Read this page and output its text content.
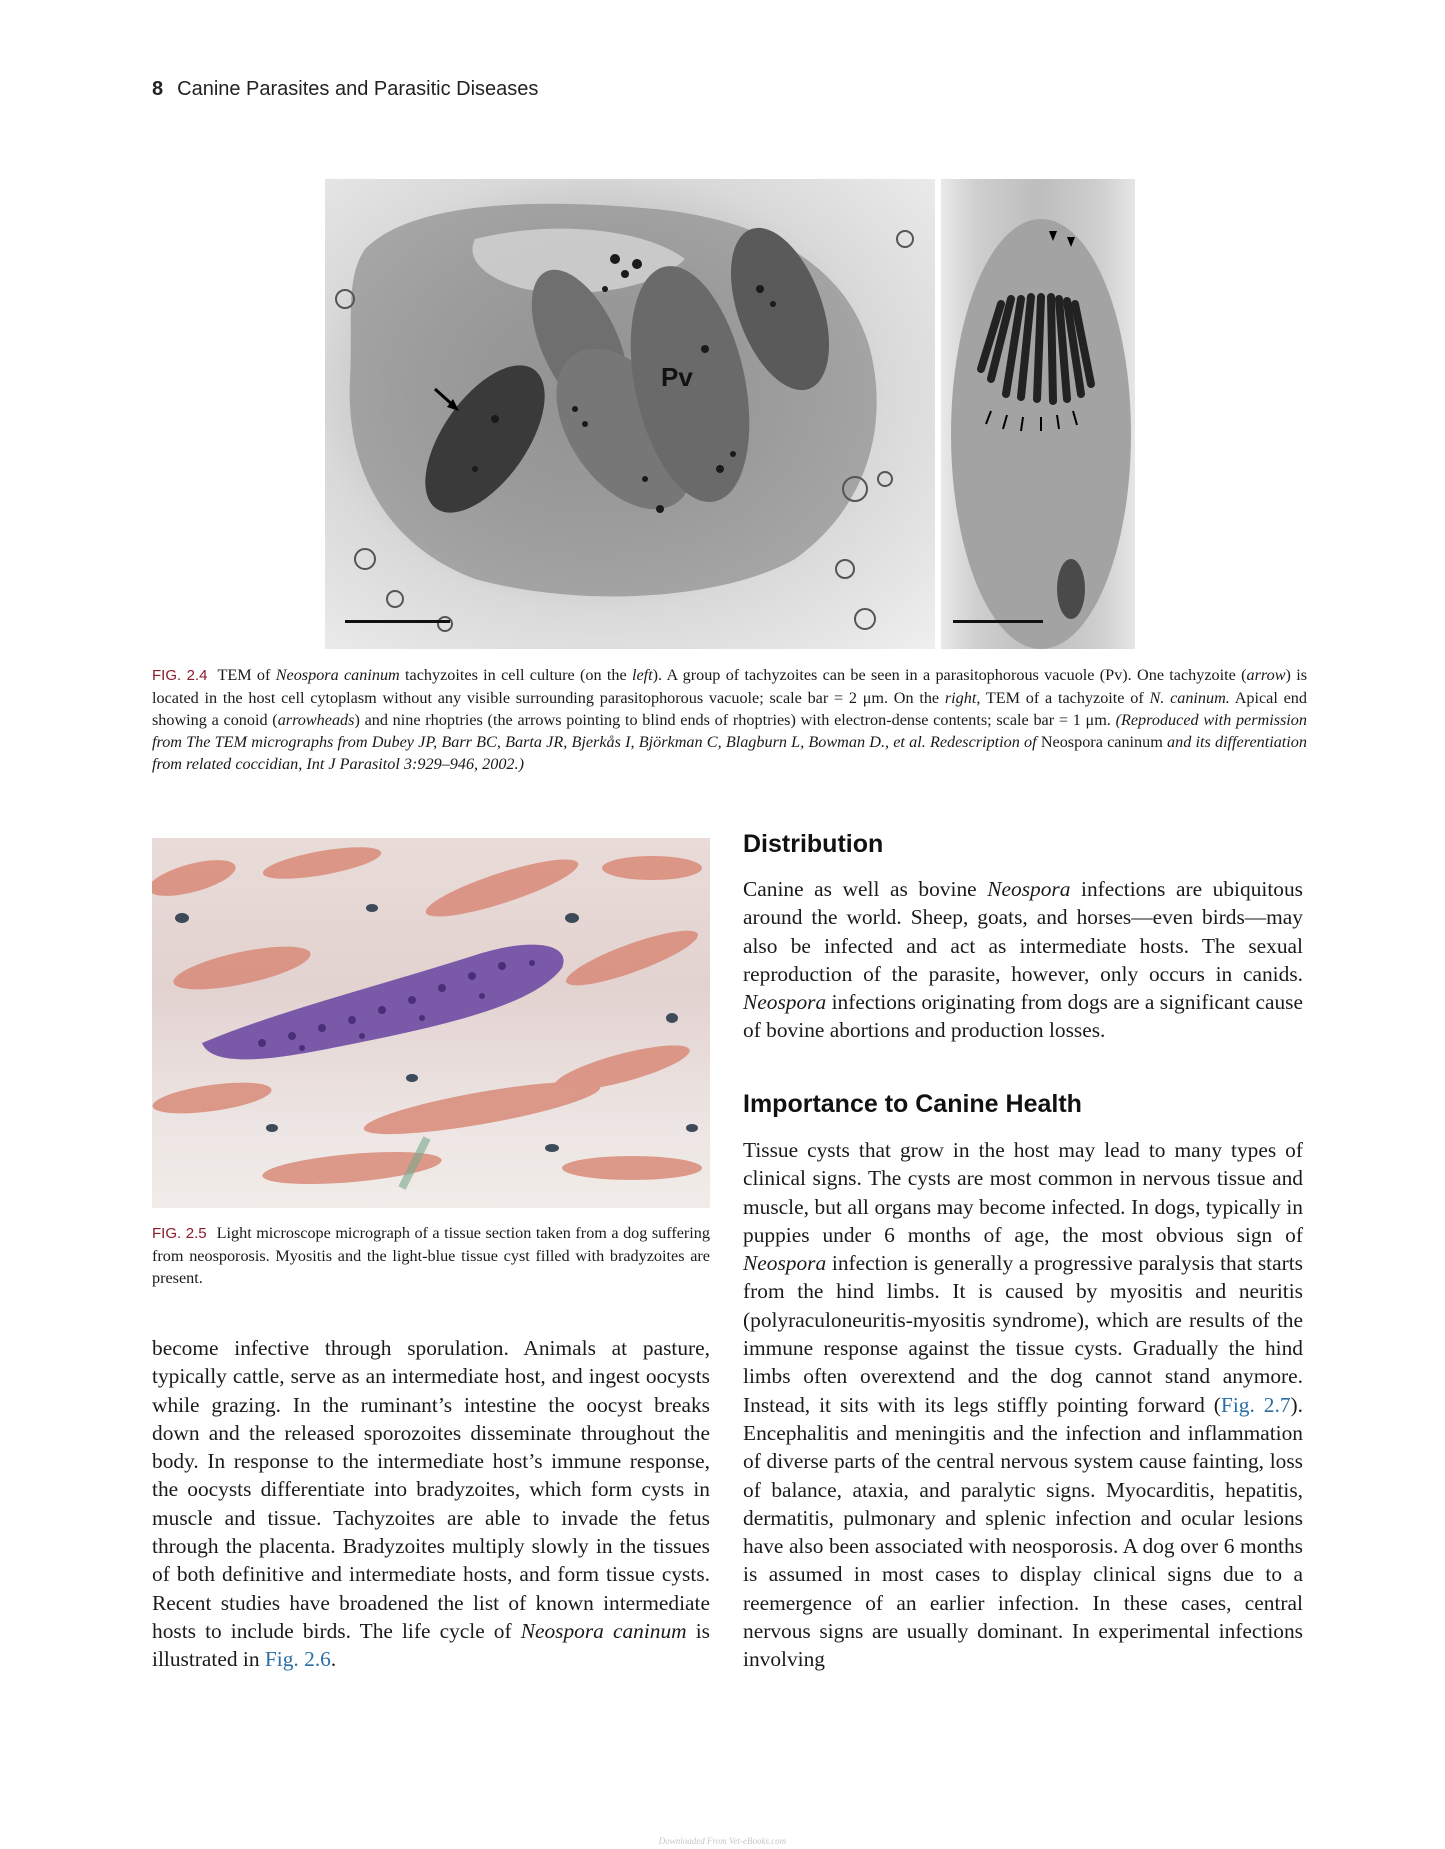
8 Canine Parasites and Parasitic Diseases
Pv
FIG. 2.4 TEM of Neospora caninum tachyzoites in cell culture (on the left). A group of tachyzoites can be seen in a parasitophorous vacuole (Pv). One tachyzoite (arrow) is located in the host cell cytoplasm without any visible surrounding parasitophorous vacuole; scale bar = 2 μm. On the right, TEM of a tachyzoite of N. caninum. Apical end showing a conoid (arrowheads) and nine rhoptries (the arrows pointing to blind ends of rhoptries) with electron-dense contents; scale bar = 1 μm. (Reproduced with permission from The TEM micrographs from Dubey JP, Barr BC, Barta JR, Bjerkås I, Björkman C, Blagburn L, Bowman D., et al. Redescription of Neospora caninum and its differentiation from related coccidian, Int J Parasitol 3:929–946, 2002.)
FIG. 2.5 Light microscope micrograph of a tissue section taken from a dog suffering from neosporosis. Myositis and the light-blue tissue cyst filled with bradyzoites are present.
Distribution
Canine as well as bovine Neospora infections are ubiquitous around the world. Sheep, goats, and horses—even birds—may also be infected and act as intermediate hosts. The sexual reproduction of the parasite, however, only occurs in canids. Neospora infections originating from dogs are a significant cause of bovine abortions and production losses.
Importance to Canine Health
Tissue cysts that grow in the host may lead to many types of clinical signs. The cysts are most common in nervous tissue and muscle, but all organs may become infected. In dogs, typically in puppies under 6 months of age, the most obvious sign of Neospora infection is generally a progressive paralysis that starts from the hind limbs. It is caused by myositis and neuritis (polyraculoneuritis-myositis syndrome), which are results of the immune response against the tissue cysts. Gradually the hind limbs often overextend and the dog cannot stand anymore. Instead, it sits with its legs stiffly pointing forward (Fig. 2.7). Encephalitis and meningitis and the infection and inflammation of diverse parts of the central nervous system cause fainting, loss of balance, ataxia, and paralytic signs. Myocarditis, hepatitis, dermatitis, pulmonary and splenic infection and ocular lesions have also been associated with neosporosis. A dog over 6 months is assumed in most cases to display clinical signs due to a reemergence of an earlier infection. In these cases, central nervous signs are usually dominant. In experimental infections involving
become infective through sporulation. Animals at pasture, typically cattle, serve as an intermediate host, and ingest oocysts while grazing. In the ruminant’s intestine the oocyst breaks down and the released sporozoites disseminate throughout the body. In response to the intermediate host’s immune response, the oocysts differentiate into bradyzoites, which form cysts in muscle and tissue. Tachyzoites are able to invade the fetus through the placenta. Bradyzoites multiply slowly in the tissues of both definitive and intermediate hosts, and form tissue cysts. Recent studies have broadened the list of known intermediate hosts to include birds. The life cycle of Neospora caninum is illustrated in Fig. 2.6.
Downloaded From Vet-eBooks.com
